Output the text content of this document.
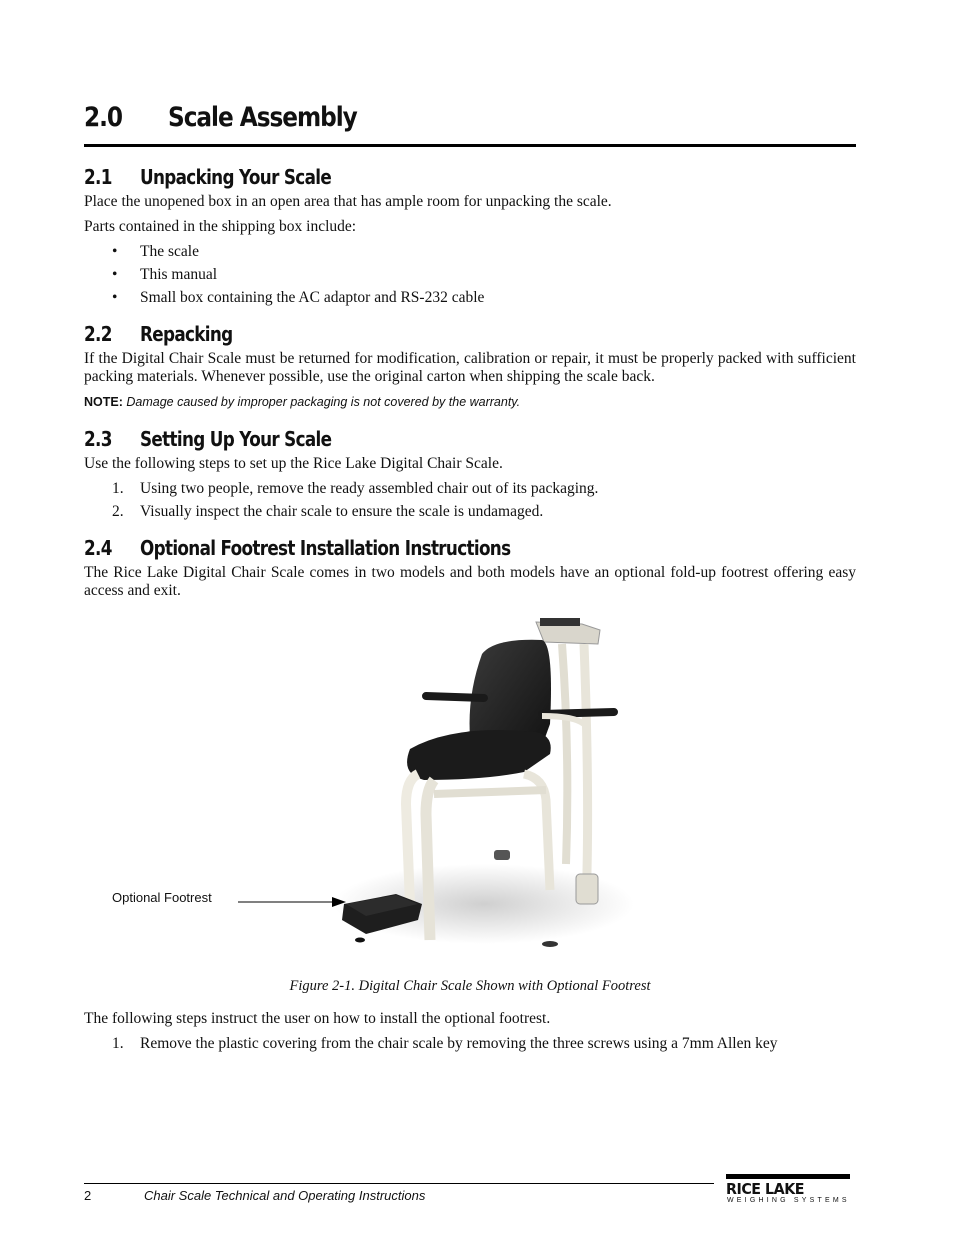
2.0 Scale Assembly
2.1 Unpacking Your Scale
Place the unopened box in an open area that has ample room for unpacking the scale.
Parts contained in the shipping box include:
• The scale
• This manual
• Small box containing the AC adaptor and RS-232 cable
2.2 Repacking
If the Digital Chair Scale must be returned for modification, calibration or repair, it must be properly packed with sufficient packing materials. Whenever possible, use the original carton when shipping the scale back.
NOTE: Damage caused by improper packaging is not covered by the warranty.
2.3 Setting Up Your Scale
Use the following steps to set up the Rice Lake Digital Chair Scale.
1. Using two people, remove the ready assembled chair out of its packaging.
2. Visually inspect the chair scale to ensure the scale is undamaged.
2.4 Optional Footrest Installation Instructions
The Rice Lake Digital Chair Scale comes in two models and both models have an optional fold-up footrest offering easy access and exit.
Optional Footrest
Figure 2-1. Digital Chair Scale Shown with Optional Footrest
The following steps instruct the user on how to install the optional footrest.
1. Remove the plastic covering from the chair scale by removing the three screws using a 7mm Allen key
2	Chair Scale Technical and Operating Instructions	RICE LAKE
WEIGHING SYSTEMS
